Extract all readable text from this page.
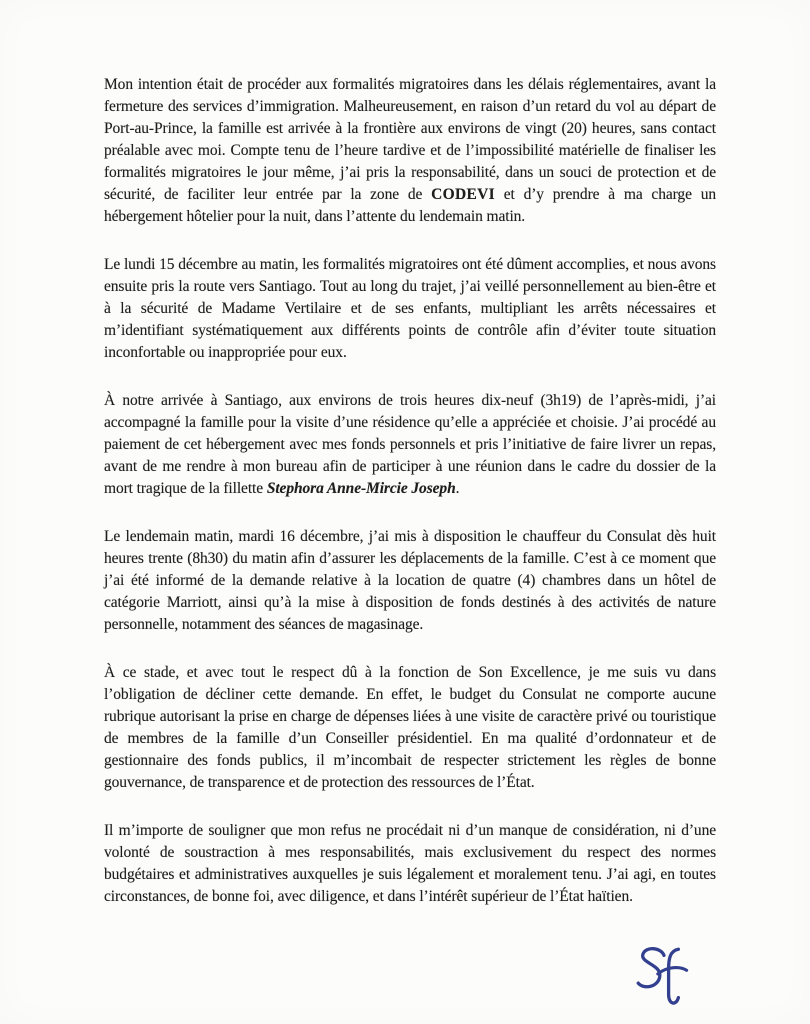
Mon intention était de procéder aux formalités migratoires dans les délais réglementaires, avant la fermeture des services d’immigration. Malheureusement, en raison d’un retard du vol au départ de Port-au-Prince, la famille est arrivée à la frontière aux environs de vingt (20) heures, sans contact préalable avec moi. Compte tenu de l’heure tardive et de l’impossibilité matérielle de finaliser les formalités migratoires le jour même, j’ai pris la responsabilité, dans un souci de protection et de sécurité, de faciliter leur entrée par la zone de CODEVI et d’y prendre à ma charge un hébergement hôtelier pour la nuit, dans l’attente du lendemain matin.

Le lundi 15 décembre au matin, les formalités migratoires ont été dûment accomplies, et nous avons ensuite pris la route vers Santiago. Tout au long du trajet, j’ai veillé personnellement au bien-être et à la sécurité de Madame Vertilaire et de ses enfants, multipliant les arrêts nécessaires et m’identifiant systématiquement aux différents points de contrôle afin d’éviter toute situation inconfortable ou inappropriée pour eux.

À notre arrivée à Santiago, aux environs de trois heures dix-neuf (3h19) de l’après-midi, j’ai accompagné la famille pour la visite d’une résidence qu’elle a appréciée et choisie. J’ai procédé au paiement de cet hébergement avec mes fonds personnels et pris l’initiative de faire livrer un repas, avant de me rendre à mon bureau afin de participer à une réunion dans le cadre du dossier de la mort tragique de la fillette Stephora Anne-Mircie Joseph.

Le lendemain matin, mardi 16 décembre, j’ai mis à disposition le chauffeur du Consulat dès huit heures trente (8h30) du matin afin d’assurer les déplacements de la famille. C’est à ce moment que j’ai été informé de la demande relative à la location de quatre (4) chambres dans un hôtel de catégorie Marriott, ainsi qu’à la mise à disposition de fonds destinés à des activités de nature personnelle, notamment des séances de magasinage.

À ce stade, et avec tout le respect dû à la fonction de Son Excellence, je me suis vu dans l’obligation de décliner cette demande. En effet, le budget du Consulat ne comporte aucune rubrique autorisant la prise en charge de dépenses liées à une visite de caractère privé ou touristique de membres de la famille d’un Conseiller présidentiel. En ma qualité d’ordonnateur et de gestionnaire des fonds publics, il m’incombait de respecter strictement les règles de bonne gouvernance, de transparence et de protection des ressources de l’État.

Il m’importe de souligner que mon refus ne procédait ni d’un manque de considération, ni d’une volonté de soustraction à mes responsabilités, mais exclusivement du respect des normes budgétaires et administratives auxquelles je suis légalement et moralement tenu. J’ai agi, en toutes circonstances, de bonne foi, avec diligence, et dans l’intérêt supérieur de l’État haïtien.
